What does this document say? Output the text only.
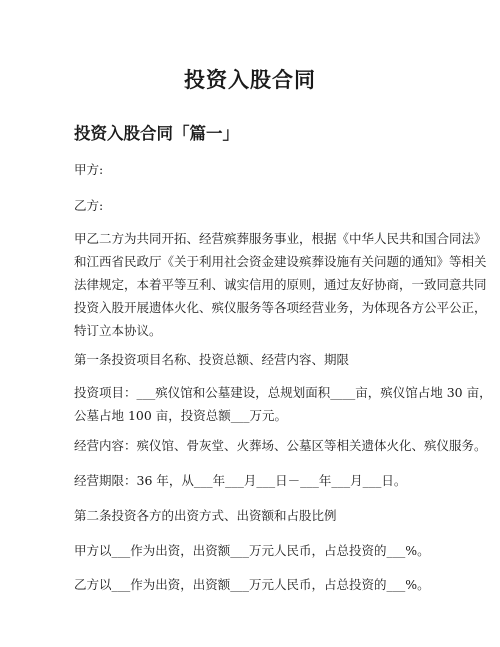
投资入股合同
投资入股合同「篇一」

甲方:

乙方:

甲乙二方为共同开拓、经营殡葬服务事业，根据《中华人民共和国合同法》
和江西省民政厅《关于利用社会资金建设殡葬设施有关问题的通知》等相关
法律规定，本着平等互利、诚实信用的原则，通过友好协商，一致同意共同
投资入股开展遗体火化、殡仪服务等各项经营业务，为体现各方公平公正，
特订立本协议。

第一条投资项目名称、投资总额、经营内容、期限

投资项目：___殡仪馆和公墓建设，总规划面积____亩，殡仪馆占地 30 亩，
公墓占地 100 亩，投资总额___万元。

经营内容：殡仪馆、骨灰堂、火葬场、公墓区等相关遗体火化、殡仪服务。

经营期限：36 年，从___年___月___日－___年___月___日。

第二条投资各方的出资方式、出资额和占股比例

甲方以___作为出资，出资额___万元人民币，占总投资的___%。

乙方以___作为出资，出资额___万元人民币，占总投资的___%。
